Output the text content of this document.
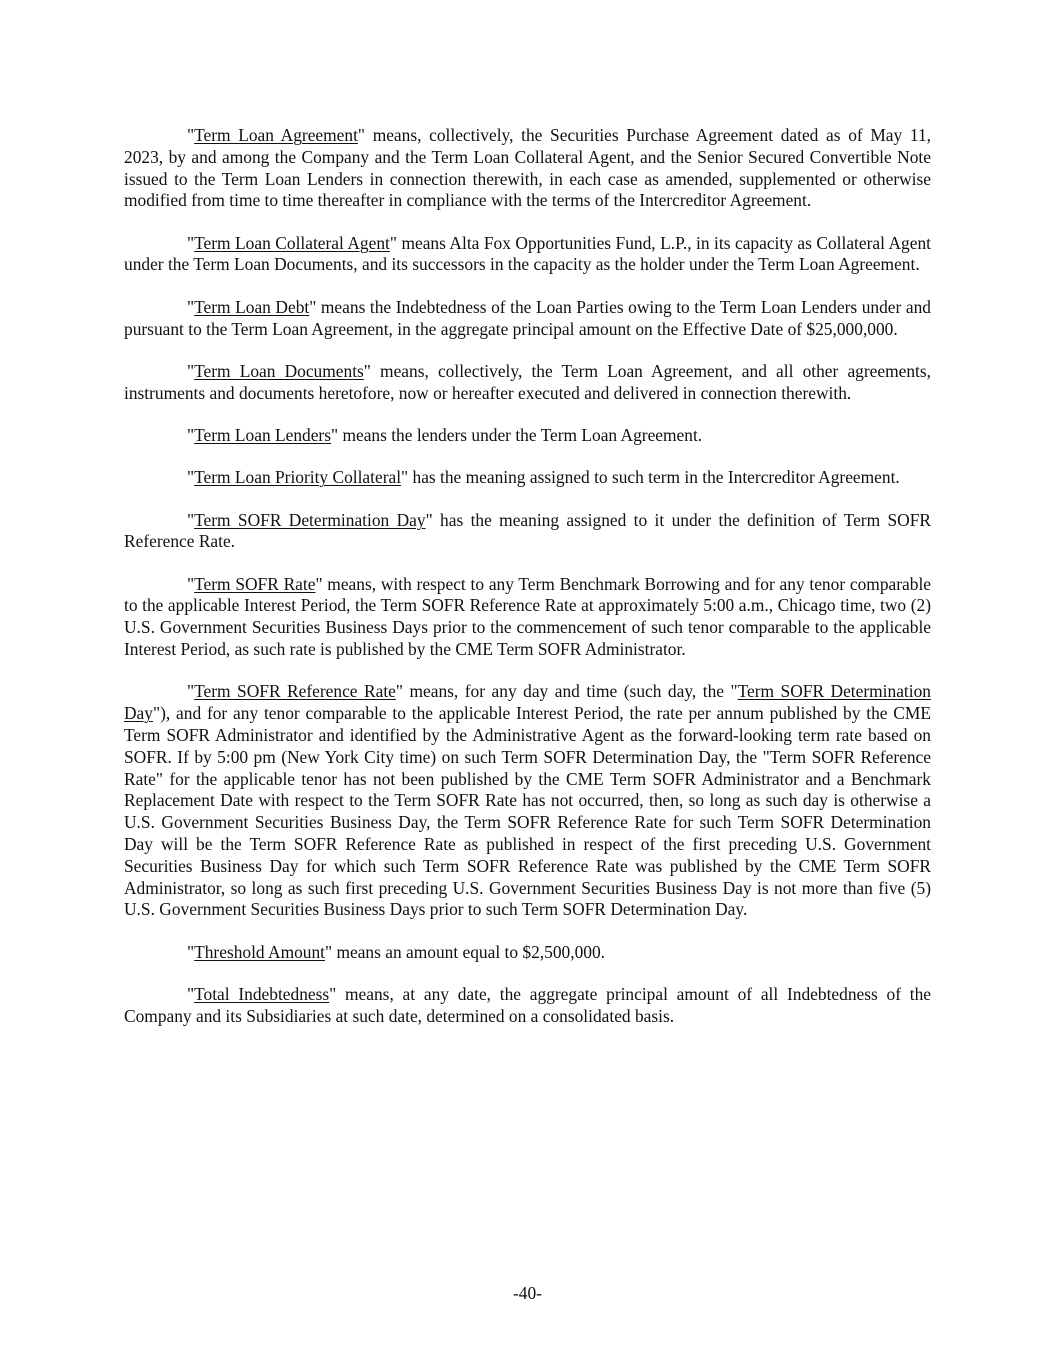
"Term Loan Agreement" means, collectively, the Securities Purchase Agreement dated as of May 11, 2023, by and among the Company and the Term Loan Collateral Agent, and the Senior Secured Convertible Note issued to the Term Loan Lenders in connection therewith, in each case as amended, supplemented or otherwise modified from time to time thereafter in compliance with the terms of the Intercreditor Agreement.

"Term Loan Collateral Agent" means Alta Fox Opportunities Fund, L.P., in its capacity as Collateral Agent under the Term Loan Documents, and its successors in the capacity as the holder under the Term Loan Agreement.

"Term Loan Debt" means the Indebtedness of the Loan Parties owing to the Term Loan Lenders under and pursuant to the Term Loan Agreement, in the aggregate principal amount on the Effective Date of $25,000,000.

"Term Loan Documents" means, collectively, the Term Loan Agreement, and all other agreements, instruments and documents heretofore, now or hereafter executed and delivered in connection therewith.

"Term Loan Lenders" means the lenders under the Term Loan Agreement.

"Term Loan Priority Collateral" has the meaning assigned to such term in the Intercreditor Agreement.

"Term SOFR Determination Day" has the meaning assigned to it under the definition of Term SOFR Reference Rate.

"Term SOFR Rate" means, with respect to any Term Benchmark Borrowing and for any tenor comparable to the applicable Interest Period, the Term SOFR Reference Rate at approximately 5:00 a.m., Chicago time, two (2) U.S. Government Securities Business Days prior to the commencement of such tenor comparable to the applicable Interest Period, as such rate is published by the CME Term SOFR Administrator.

"Term SOFR Reference Rate" means, for any day and time (such day, the "Term SOFR Determination Day"), and for any tenor comparable to the applicable Interest Period, the rate per annum published by the CME Term SOFR Administrator and identified by the Administrative Agent as the forward-looking term rate based on SOFR. If by 5:00 pm (New York City time) on such Term SOFR Determination Day, the "Term SOFR Reference Rate" for the applicable tenor has not been published by the CME Term SOFR Administrator and a Benchmark Replacement Date with respect to the Term SOFR Rate has not occurred, then, so long as such day is otherwise a U.S. Government Securities Business Day, the Term SOFR Reference Rate for such Term SOFR Determination Day will be the Term SOFR Reference Rate as published in respect of the first preceding U.S. Government Securities Business Day for which such Term SOFR Reference Rate was published by the CME Term SOFR Administrator, so long as such first preceding U.S. Government Securities Business Day is not more than five (5) U.S. Government Securities Business Days prior to such Term SOFR Determination Day.

"Threshold Amount" means an amount equal to $2,500,000.

"Total Indebtedness" means, at any date, the aggregate principal amount of all Indebtedness of the Company and its Subsidiaries at such date, determined on a consolidated basis.

-40-
